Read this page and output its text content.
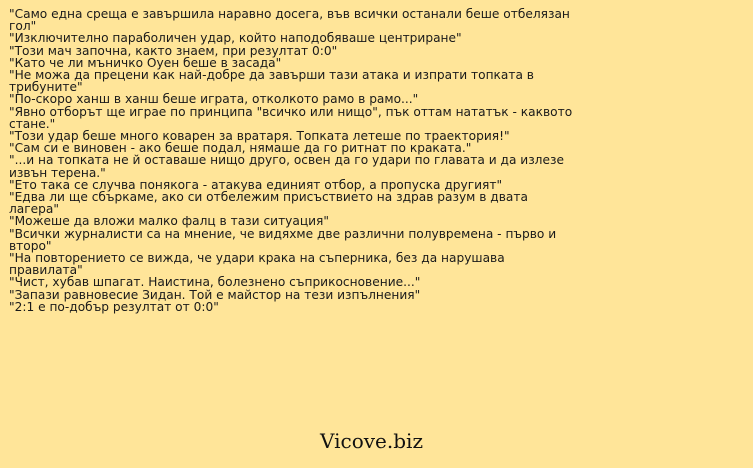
"Само една среща е завършила наравно досега, във всички останали беше отбелязан гол"
"Изключително параболичен удар, който наподобяваше центриране"
"Този мач започна, както знаем, при резултат 0:0"
"Като че ли мъничко Оуен беше в засада"
"Не можа да прецени как най-добре да завърши тази атака и изпрати топката в трибуните"
"По-скоро ханш в ханш беше играта, отколкото рамо в рамо..."
"Явно отборът ще играе по принципа "всичко или нищо", пък оттам нататък - каквото стане."
"Този удар беше много коварен за вратаря. Топката летеше по траектория!"
"Сам си е виновен - ако беше подал, нямаше да го ритнат по краката."
"...и на топката не й оставаше нищо друго, освен да го удари по главата и да излезе извън терена."
"Ето така се случва понякога - атакува единият отбор, а пропуска другият"
"Едва ли ще сбъркаме, ако си отбележим присъствието на здрав разум в двата лагера"
"Можеше да вложи малко фалц в тази ситуация"
"Всички журналисти са на мнение, че видяхме две различни полувремена - първо и второ"
"На повторението се вижда, че удари крака на съперника, без да нарушава правилата"
"Чист, хубав шпагат. Наистина, болезнено съприкосновение..."
"Запази равновесие Зидан. Той е майстор на тези изпълнения"
"2:1 е по-добър резултат от 0:0"
Vicove.biz
